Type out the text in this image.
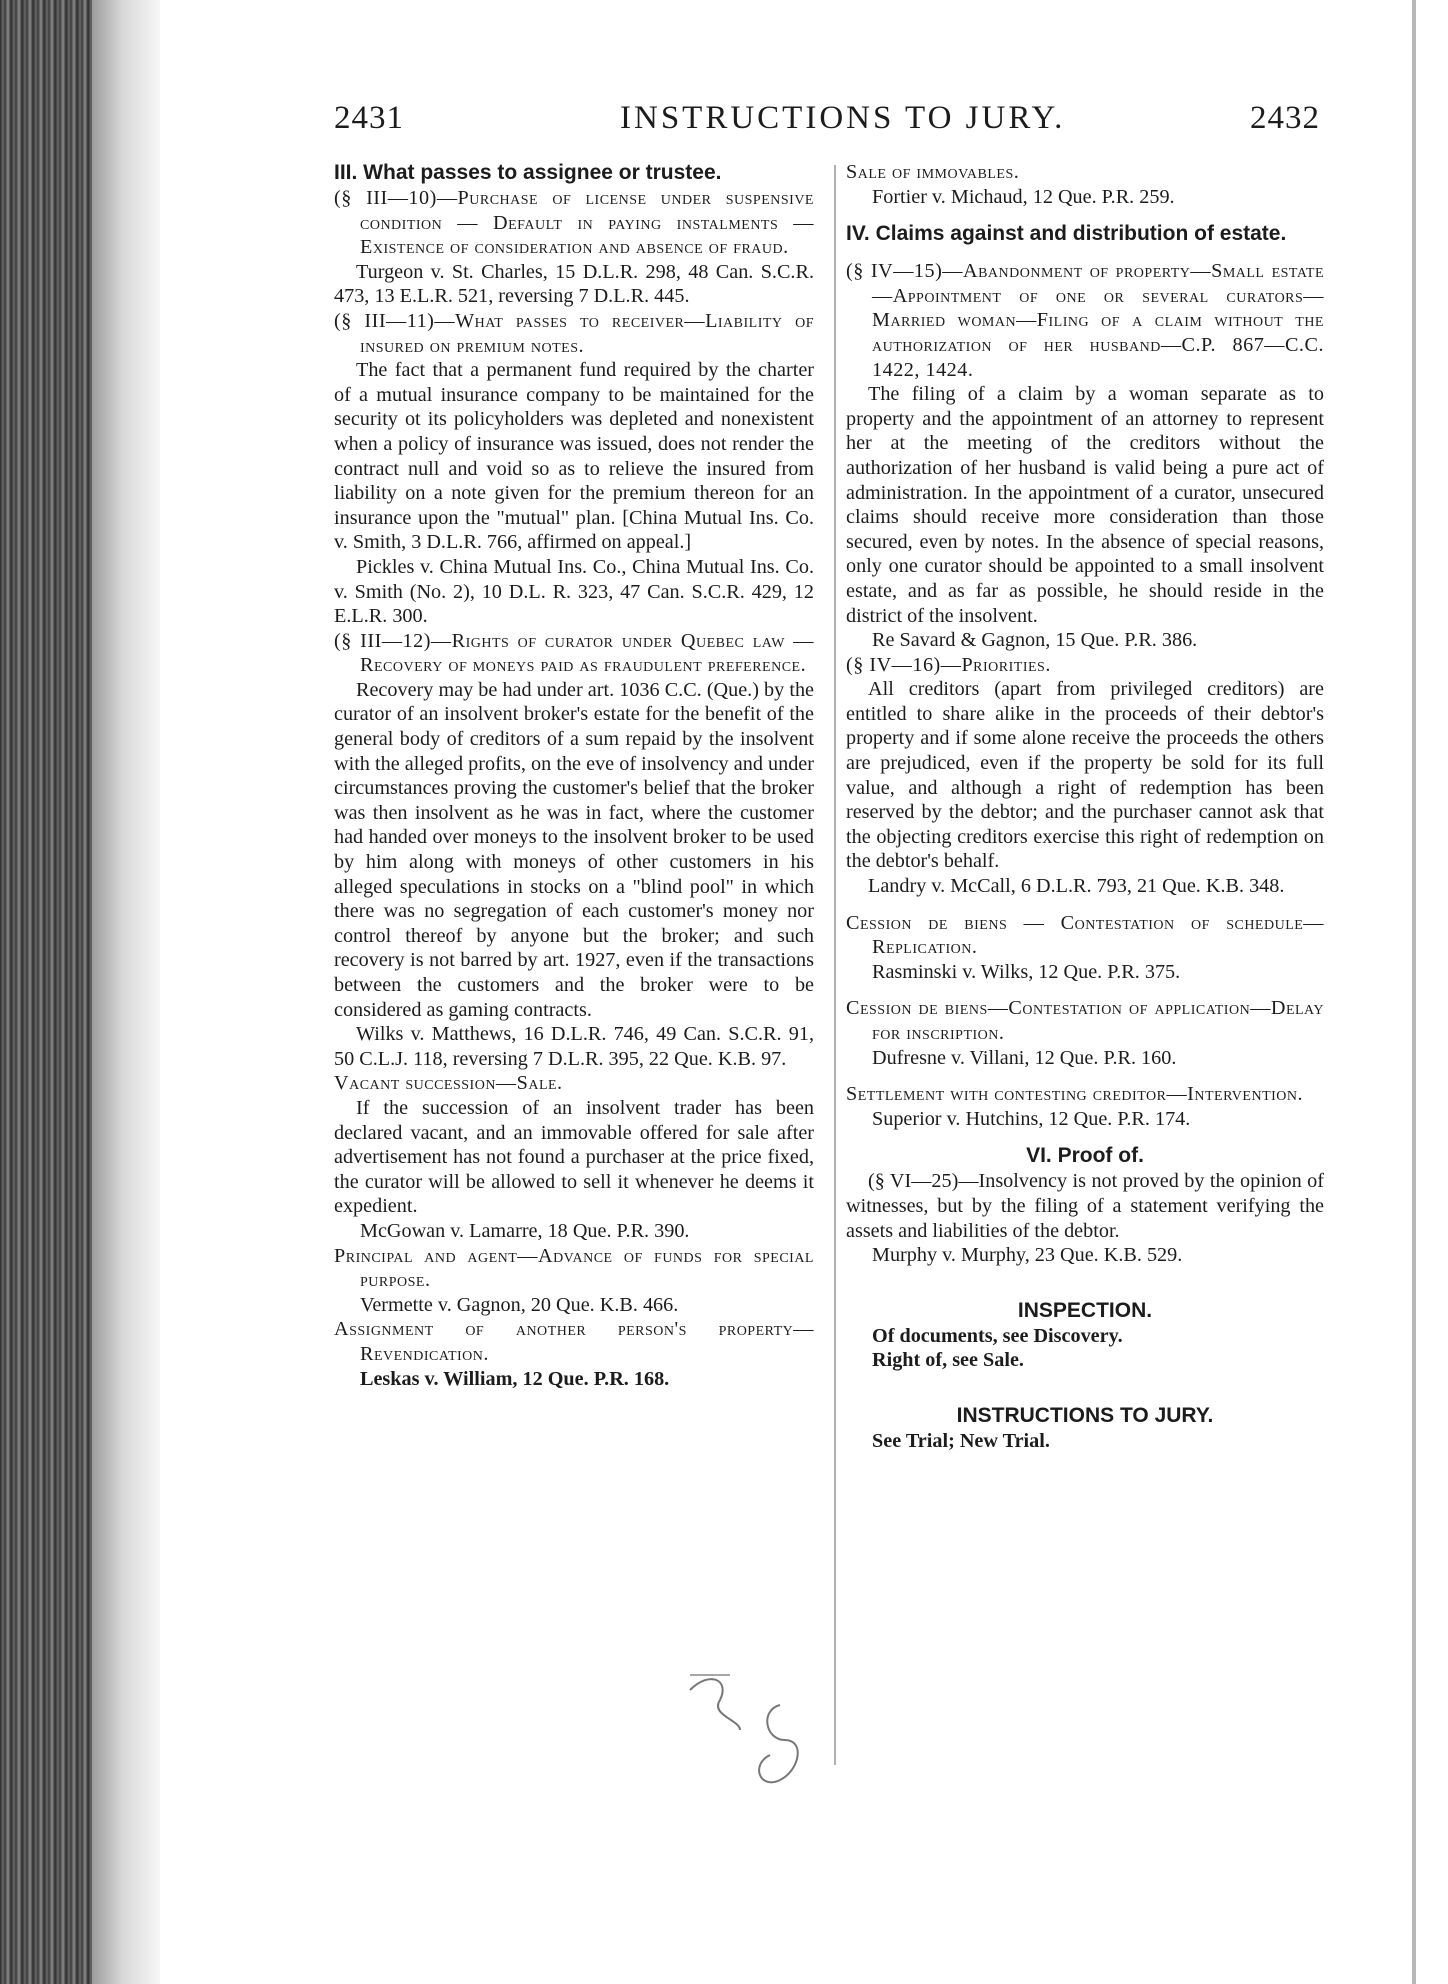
2431	INSTRUCTIONS TO JURY.	2432

III. What passes to assignee or trustee.

(§ III—10)—Purchase of license under suspensive condition — Default in paying instalments — Existence of consideration and absence of fraud.

Turgeon v. St. Charles, 15 D.L.R. 298, 48 Can. S.C.R. 473, 13 E.L.R. 521, reversing 7 D.L.R. 445.

(§ III—11)—What passes to receiver—Liability of insured on premium notes.

The fact that a permanent fund required by the charter of a mutual insurance company to be maintained for the security ot its policyholders was depleted and nonexistent when a policy of insurance was issued, does not render the contract null and void so as to relieve the insured from liability on a note given for the premium thereon for an insurance upon the "mutual" plan. [China Mutual Ins. Co. v. Smith, 3 D.L.R. 766, affirmed on appeal.]

Pickles v. China Mutual Ins. Co., China Mutual Ins. Co. v. Smith (No. 2), 10 D.L. R. 323, 47 Can. S.C.R. 429, 12 E.L.R. 300.

(§ III—12)—Rights of curator under Quebec law — Recovery of moneys paid as fraudulent preference.

Recovery may be had under art. 1036 C.C. (Que.) by the curator of an insolvent broker's estate for the benefit of the general body of creditors of a sum repaid by the insolvent with the alleged profits, on the eve of insolvency and under circumstances proving the customer's belief that the broker was then insolvent as he was in fact, where the customer had handed over moneys to the insolvent broker to be used by him along with moneys of other customers in his alleged speculations in stocks on a "blind pool" in which there was no segregation of each customer's money nor control thereof by anyone but the broker; and such recovery is not barred by art. 1927, even if the transactions between the customers and the broker were to be considered as gaming contracts.

Wilks v. Matthews, 16 D.L.R. 746, 49 Can. S.C.R. 91, 50 C.L.J. 118, reversing 7 D.L.R. 395, 22 Que. K.B. 97.

Vacant succession—Sale.

If the succession of an insolvent trader has been declared vacant, and an immovable offered for sale after advertisement has not found a purchaser at the price fixed, the curator will be allowed to sell it whenever he deems it expedient.

McGowan v. Lamarre, 18 Que. P.R. 390.

Principal and agent—Advance of funds for special purpose.

Vermette v. Gagnon, 20 Que. K.B. 466.

Assignment of another person's property—Revendication.

Leskas v. William, 12 Que. P.R. 168.

Sale of immovables.

Fortier v. Michaud, 12 Que. P.R. 259.

IV. Claims against and distribution of estate.

(§ IV—15)—Abandonment of property—Small estate—Appointment of one or several curators—Married woman—Filing of a claim without the authorization of her husband—C.P. 867—C.C. 1422, 1424.

The filing of a claim by a woman separate as to property and the appointment of an attorney to represent her at the meeting of the creditors without the authorization of her husband is valid being a pure act of administration. In the appointment of a curator, unsecured claims should receive more consideration than those secured, even by notes. In the absence of special reasons, only one curator should be appointed to a small insolvent estate, and as far as possible, he should reside in the district of the insolvent.

Re Savard & Gagnon, 15 Que. P.R. 386.

(§ IV—16)—Priorities.

All creditors (apart from privileged creditors) are entitled to share alike in the proceeds of their debtor's property and if some alone receive the proceeds the others are prejudiced, even if the property be sold for its full value, and although a right of redemption has been reserved by the debtor; and the purchaser cannot ask that the objecting creditors exercise this right of redemption on the debtor's behalf.

Landry v. McCall, 6 D.L.R. 793, 21 Que. K.B. 348.

Cession de biens — Contestation of schedule—Replication.

Rasminski v. Wilks, 12 Que. P.R. 375.

Cession de biens—Contestation of application—Delay for inscription.

Dufresne v. Villani, 12 Que. P.R. 160.

Settlement with contesting creditor—Intervention.

Superior v. Hutchins, 12 Que. P.R. 174.

VI. Proof of.

(§ VI—25)—Insolvency is not proved by the opinion of witnesses, but by the filing of a statement verifying the assets and liabilities of the debtor.

Murphy v. Murphy, 23 Que. K.B. 529.

INSPECTION.

Of documents, see Discovery.

Right of, see Sale.

INSTRUCTIONS TO JURY.

See Trial; New Trial.
